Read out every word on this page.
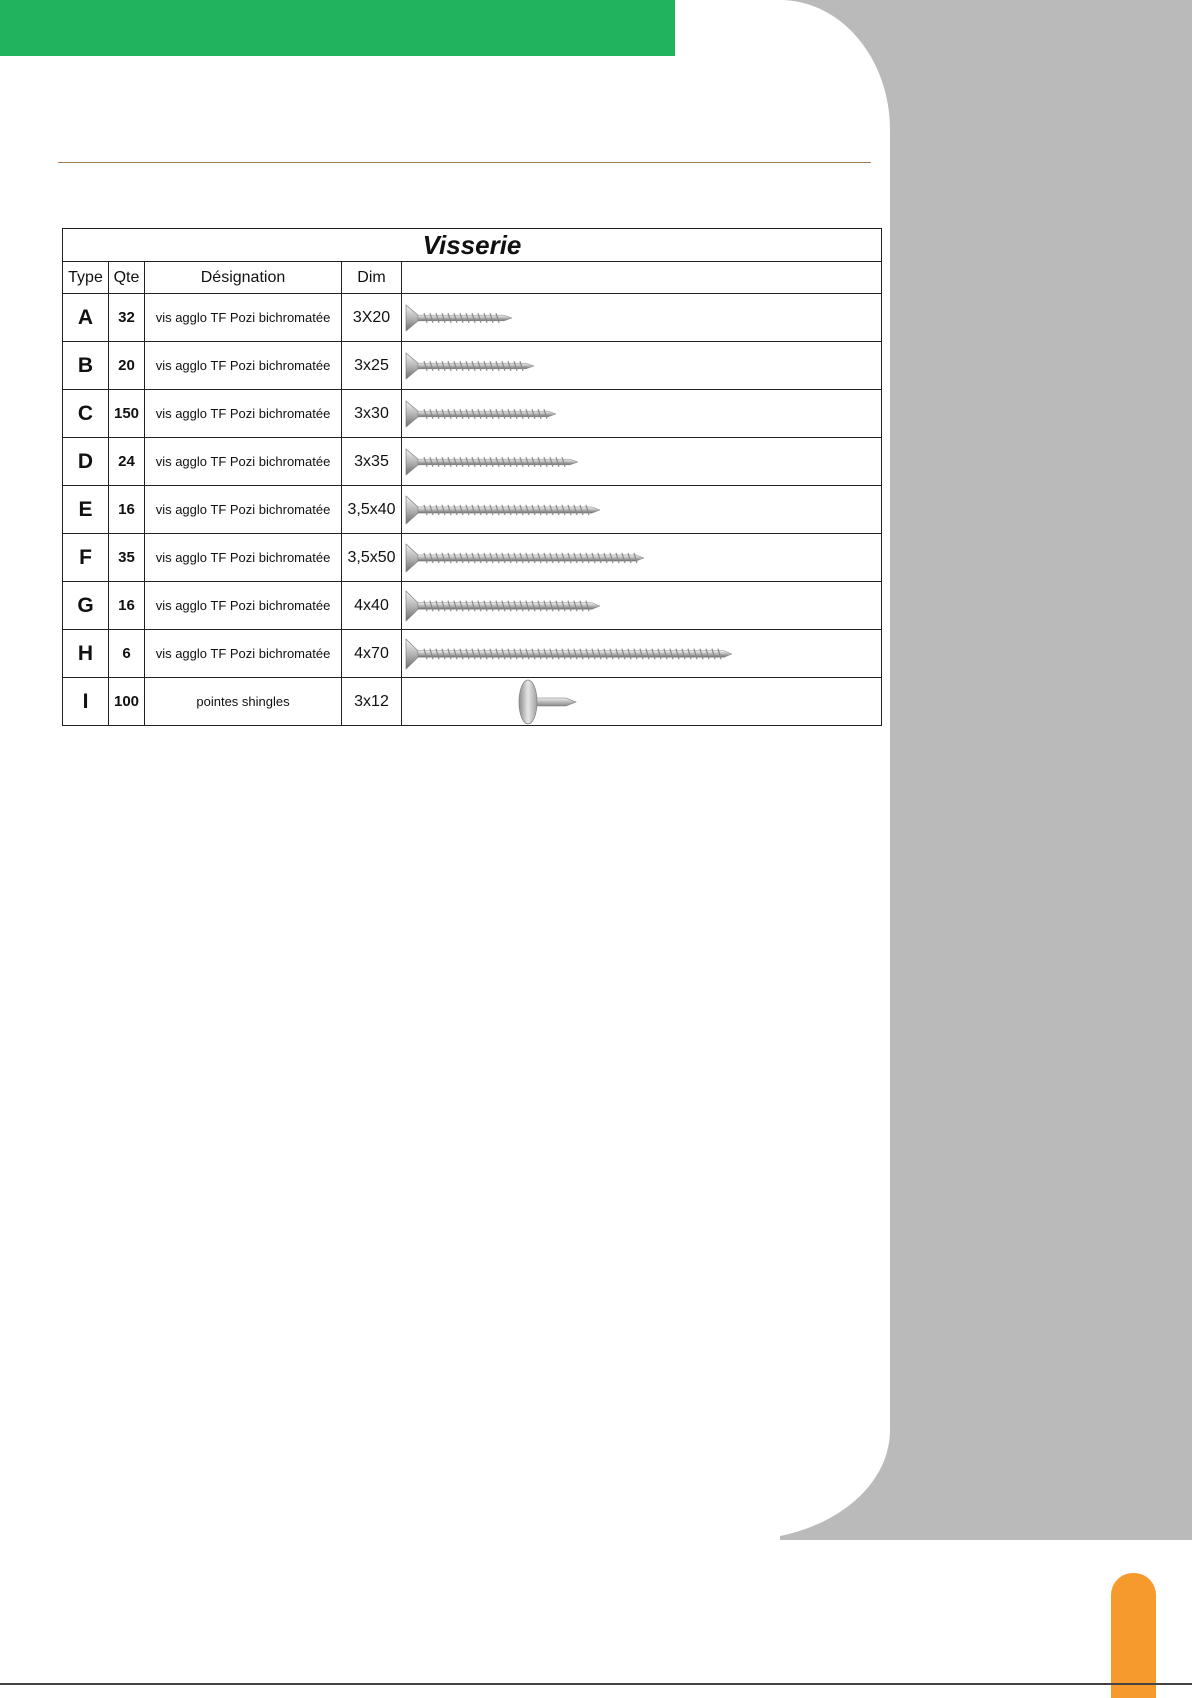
Visserie				
Type	Qte	Désignation	Dim	
A	32	vis agglo TF Pozi bichromatée	3X20	

B	20	vis agglo TF Pozi bichromatée	3x25	

C	150	vis agglo TF Pozi bichromatée	3x30	

D	24	vis agglo TF Pozi bichromatée	3x35	

E	16	vis agglo TF Pozi bichromatée	3,5x40	

F	35	vis agglo TF Pozi bichromatée	3,5x50	

G	16	vis agglo TF Pozi bichromatée	4x40	

H	6	vis agglo TF Pozi bichromatée	4x70	

I	100	pointes shingles	3x12	
